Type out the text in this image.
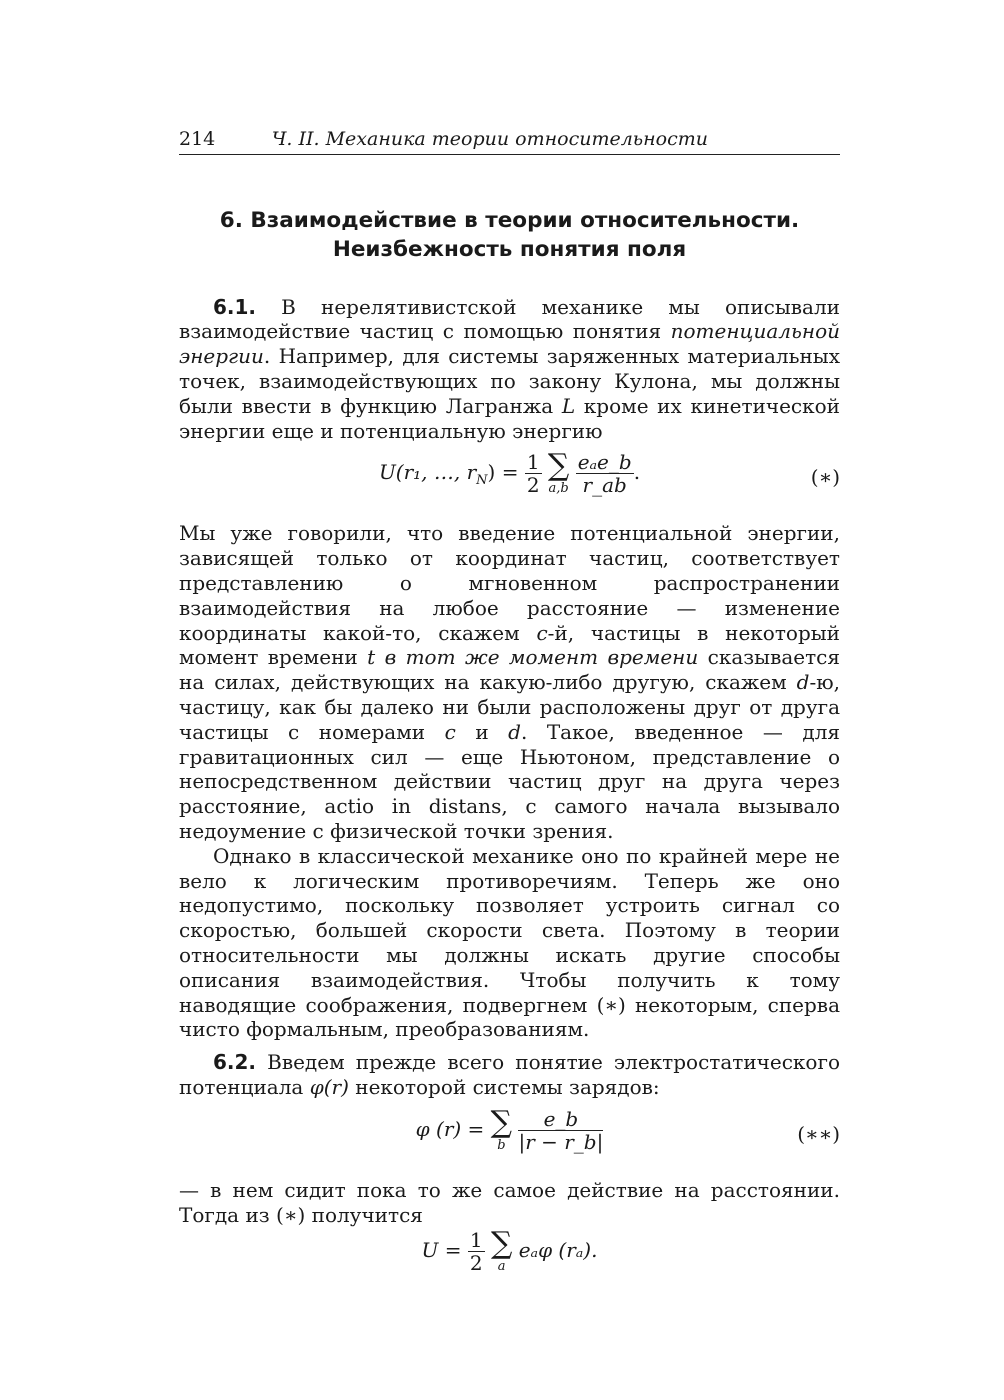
214	Ч. II. Механика теории относительности
6. Взаимодействие в теории относительности.
Неизбежность понятия поля

6.1. В нерелятивистской механике мы описывали взаимодействие частиц с помощью понятия потенциальной энергии. Например, для системы заряженных материальных точек, взаимодействующих по закону Кулона, мы должны были ввести в функцию Лагранжа L кроме их кинетической энергии еще и потенциальную энергию

U(r₁, …, $r_N) = \frac{1}{2}$
∑
a,b
$\frac{\text{eₐe\_b}}{r\_ab}$ .	(∗)

Мы уже говорили, что введение потенциальной энергии, зависящей только от координат частиц, соответствует представлению о мгновенном распространении взаимодействия на любое расстояние — изменение координаты какой-то, скажем c-й, частицы в некоторый момент времени t в тот же момент времени сказывается на силах, действующих на какую-либо другую, скажем d-ю, частицу, как бы далеко ни были расположены друг от друга частицы с номерами c и d. Такое, введенное — для гравитационных сил — еще Ньютоном, представление о непосредственном действии частиц друг на друга через расстояние, actio in distans, с самого начала вызывало недоумение с физической точки зрения.

Однако в классической механике оно по крайней мере не вело к логическим противоречиям. Теперь же оно недопустимо, поскольку позволяет устроить сигнал со скоростью, большей скорости света. Поэтому в теории относительности мы должны искать другие способы описания взаимодействия. Чтобы получить к тому наводящие соображения, подвергнем (∗) некоторым, сперва чисто формальным, преобразованиям.

6.2. Введем прежде всего понятие электростатического потенциала φ(r) некоторой системы зарядов:

φ (r) = ∑
b
$\frac{e\_b}{|r - r\_b|}$	(∗∗)

— в нем сидит пока то же самое действие на расстоянии. Тогда из (∗) получится

$U = \frac{1}{2}$
∑
a
eₐφ (rₐ).
